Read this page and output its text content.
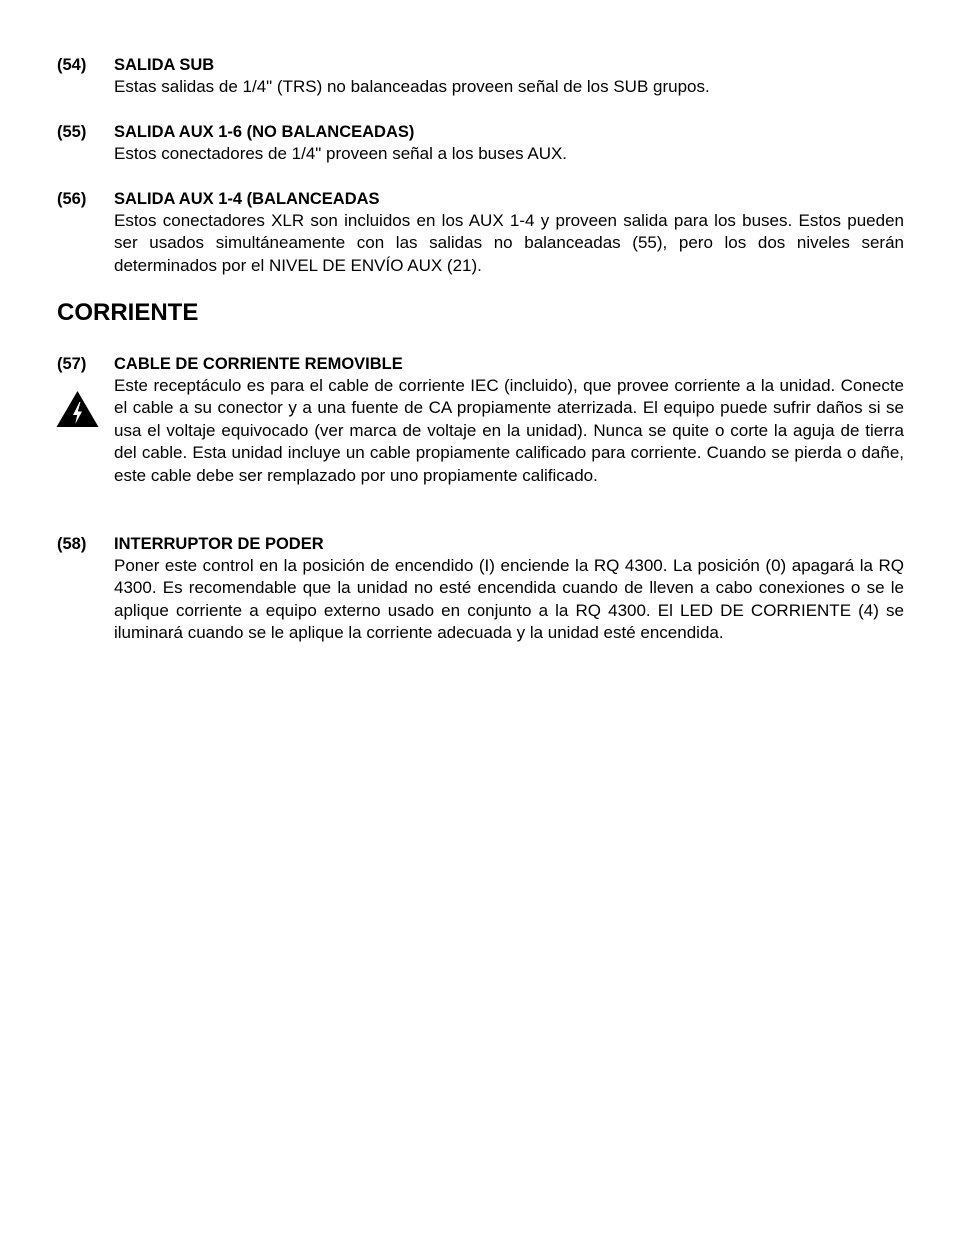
(54) SALIDA SUB
Estas salidas de 1/4" (TRS) no balanceadas proveen señal de los SUB grupos.
(55) SALIDA AUX 1-6 (NO BALANCEADAS)
Estos conectadores de 1/4" proveen señal a los buses AUX.
(56) SALIDA AUX 1-4 (BALANCEADAS
Estos conectadores XLR son incluidos en los AUX 1-4 y proveen salida para los buses. Estos pueden ser usados simultáneamente con las salidas no balanceadas (55), pero los dos niveles serán determinados por el NIVEL DE ENVÍO AUX (21).
CORRIENTE
(57) CABLE DE CORRIENTE REMOVIBLE
Este receptáculo es para el cable de corriente IEC (incluido), que provee corriente a la unidad. Conecte el cable a su conector y a una fuente de CA propiamente aterrizada. El equipo puede sufrir daños si se usa el voltaje equivocado (ver marca de voltaje en la unidad). Nunca se quite o corte la aguja de tierra del cable. Esta unidad incluye un cable propiamente calificado para corriente. Cuando se pierda o dañe, este cable debe ser remplazado por uno propiamente calificado.
(58) INTERRUPTOR DE PODER
Poner este control en la posición de encendido (I) enciende la RQ 4300. La posición (0) apagará la RQ 4300. Es recomendable que la unidad no esté encendida cuando de lleven a cabo conexiones o se le aplique corriente a equipo externo usado en conjunto a la RQ 4300. El LED DE CORRIENTE (4) se iluminará cuando se le aplique la corriente adecuada y la unidad esté encendida.
